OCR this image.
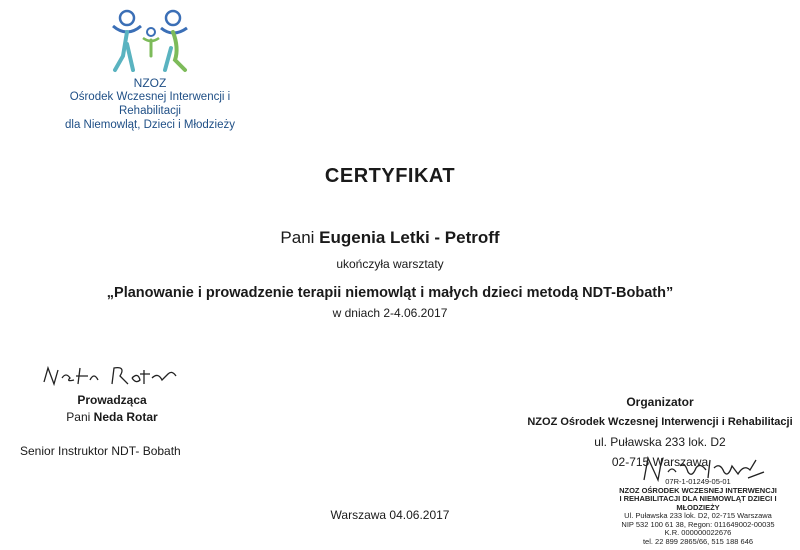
NZOZ
Ośrodek Wczesnej Interwencji i Rehabilitacji
dla Niemowląt, Dzieci i Młodzieży
CERTYFIKAT
Pani Eugenia Letki - Petroff
ukończyła warsztaty
„Planowanie i prowadzenie terapii niemowląt i małych dzieci metodą NDT-Bobath”
w dniach 2-4.06.2017
Prowadząca
Pani Neda Rotar
Senior Instruktor NDT- Bobath
Organizator
NZOZ Ośrodek Wczesnej Interwencji i Rehabilitacji
ul. Puławska 233 lok. D2
02-715 Warszawa
07R-1-01249-05-01
NZOZ OŚRODEK WCZESNEJ INTERWENCJI
I REHABILITACJI DLA NIEMOWLĄT DZIECI I MŁODZIEŻY
Ul. Puławska 233 lok. D2, 02-715 Warszawa
NIP 532 100 61 38, Regon: 011649002-00035
K.R. 000000022676
tel. 22 899 2865/66, 515 188 646
Warszawa 04.06.2017
